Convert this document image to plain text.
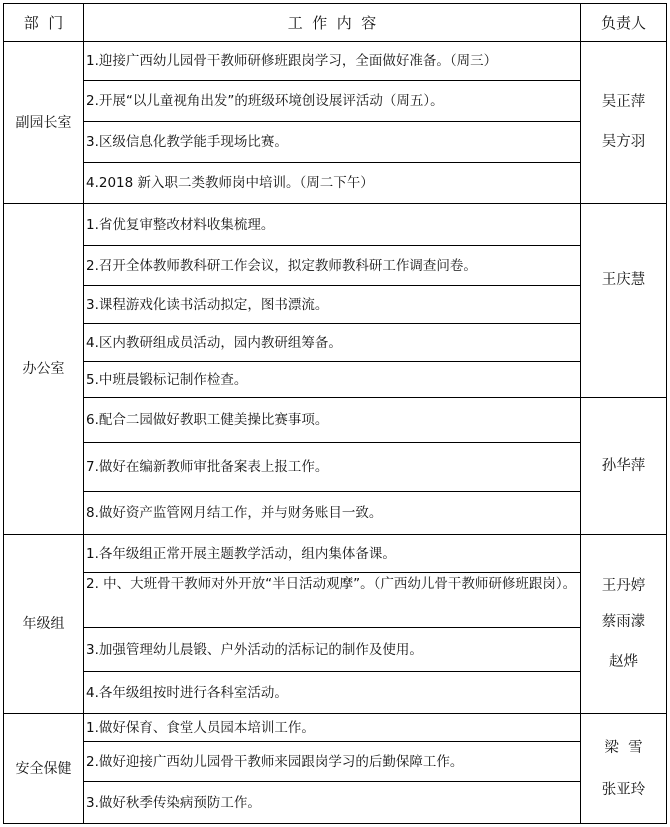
部  门	工  作  内  容	负责人
副园长室
1.迎接广西幼儿园骨干教师研修班跟岗学习，全面做好准备。（周三）
2.开展“以儿童视角出发”的班级环境创设展评活动（周五）。
3.区级信息化教学能手现场比赛。
4.2018 新入职二类教师岗中培训。（周二下午）
吴正萍
吴方羽
办公室
1.省优复审整改材料收集梳理。
2.召开全体教师教科研工作会议，拟定教师教科研工作调查问卷。
3.课程游戏化读书活动拟定，图书漂流。
4.区内教研组成员活动，园内教研组筹备。
5.中班晨锻标记制作检查。
6.配合二园做好教职工健美操比赛事项。
7.做好在编新教师审批备案表上报工作。
8.做好资产监管网月结工作，并与财务账目一致。
王庆慧
孙华萍
年级组
1.各年级组正常开展主题教学活动，组内集体备课。
2. 中、大班骨干教师对外开放“半日活动观摩”。（广西幼儿骨干教师研修班跟岗）。
3.加强管理幼儿晨锻、户外活动的活标记的制作及使用。
4.各年级组按时进行各科室活动。
王丹婷
蔡雨濛
赵烨
安全保健
1.做好保育、食堂人员园本培训工作。
2.做好迎接广西幼儿园骨干教师来园跟岗学习的后勤保障工作。
3.做好秋季传染病预防工作。
梁  雪
张亚玲
